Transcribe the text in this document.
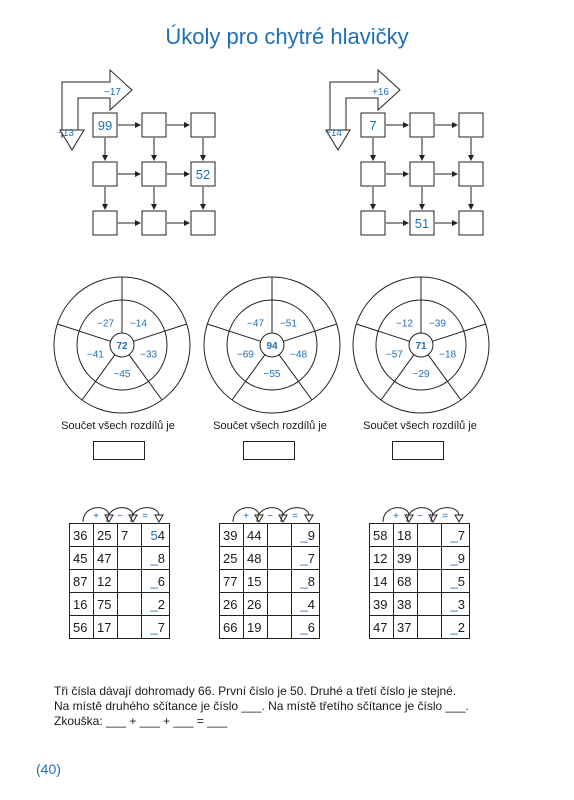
Úkoly pro chytré hlavičky
−17
−13
99
52
+16
+14
7
51
72
−27 −14
−33
−45
−41
94
−47 −51
−48
−55
−69
71
−12 −39
−18
−29
−57
+ − =	+ − =	+ − =
Součet všech rozdílů je	Součet všech rozdílů je	Součet všech rozdílů je
36	25	7	54
45	47		_8
87	12		_6
16	75		_2
56	17		_7
39	44		_9
25	48		_7
77	15		_8
26	26		_4
66	19		_6
58	18		_7
12	39		_9
14	68		_5
39	38		_3
47	37		_2
Tři čísla dávají dohromady 66. První číslo je 50. Druhé a třetí číslo je stejné.
Na místě druhého sčítance je číslo ___. Na místě třetího sčítance je číslo ___.
Zkouška: ___ + ___ + ___ = ___
(40)
